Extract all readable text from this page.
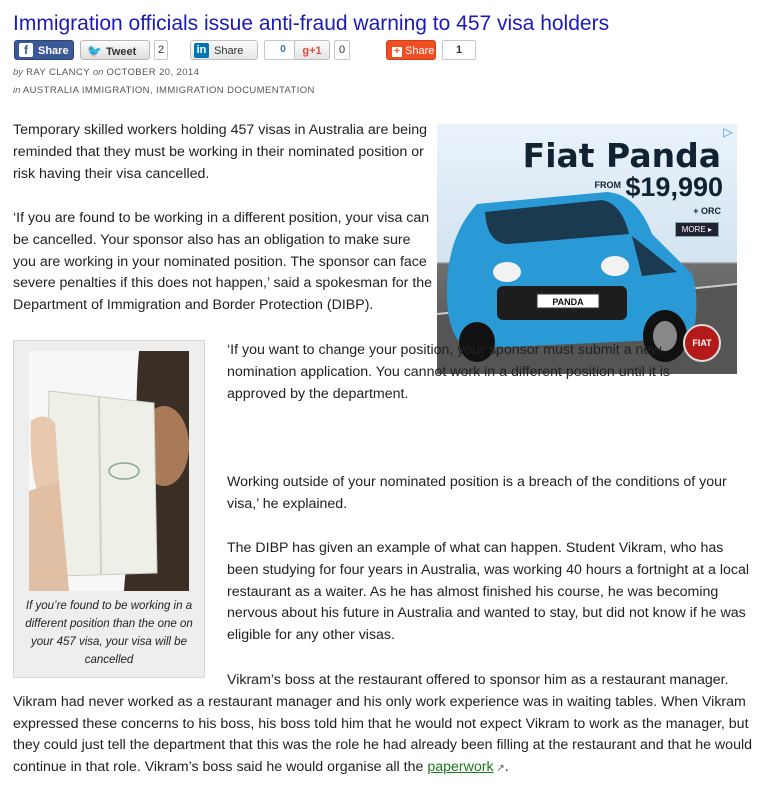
Immigration officials issue anti-fraud warning to 457 visa holders
f Share	🐦 Tweet	2	in Share	0	g+1	0	+ Share	1
by RAY CLANCY on OCTOBER 20, 2014
in AUSTRALIA IMMIGRATION, IMMIGRATION DOCUMENTATION

Temporary skilled workers holding 457 visas in Australia are being reminded that they must be working in their nominated position or risk having their visa cancelled.

‘If you are found to be working in a different position, your visa can be cancelled. Your sponsor also has an obligation to make sure you are working in your nominated position. The sponsor can face severe penalties if this does not happen,’ said a spokesman for the Department of Immigration and Border Protection (DIBP).	PANDA
Fiat Panda
FROM $19,990
+ ORC
MORE ▸
▷
FIAT

If you’re found to be working in a different position than the one on your 457 visa, your visa will be cancelled

‘If you want to change your position, your sponsor must submit a new nomination application. You cannot work in a different position until it is approved by the department.

Working outside of your nominated position is a breach of the conditions of your visa,’ he explained.

The DIBP has given an example of what can happen. Student Vikram, who has been studying for four years in Australia, was working 40 hours a fortnight at a local restaurant as a waiter. As he has almost finished his course, he was becoming nervous about his future in Australia and wanted to stay, but did not know if he was eligible for any other visas.

Vikram’s boss at the restaurant offered to sponsor him as a restaurant manager. Vikram had never worked as a restaurant manager and his only work experience was in waiting tables. When Vikram expressed these concerns to his boss, his boss told him that he would not expect Vikram to work as the manager, but they could just tell the department that this was the role he had already been filling at the restaurant and that he would continue in that role. Vikram’s boss said he would organise all the paperwork ↗.
